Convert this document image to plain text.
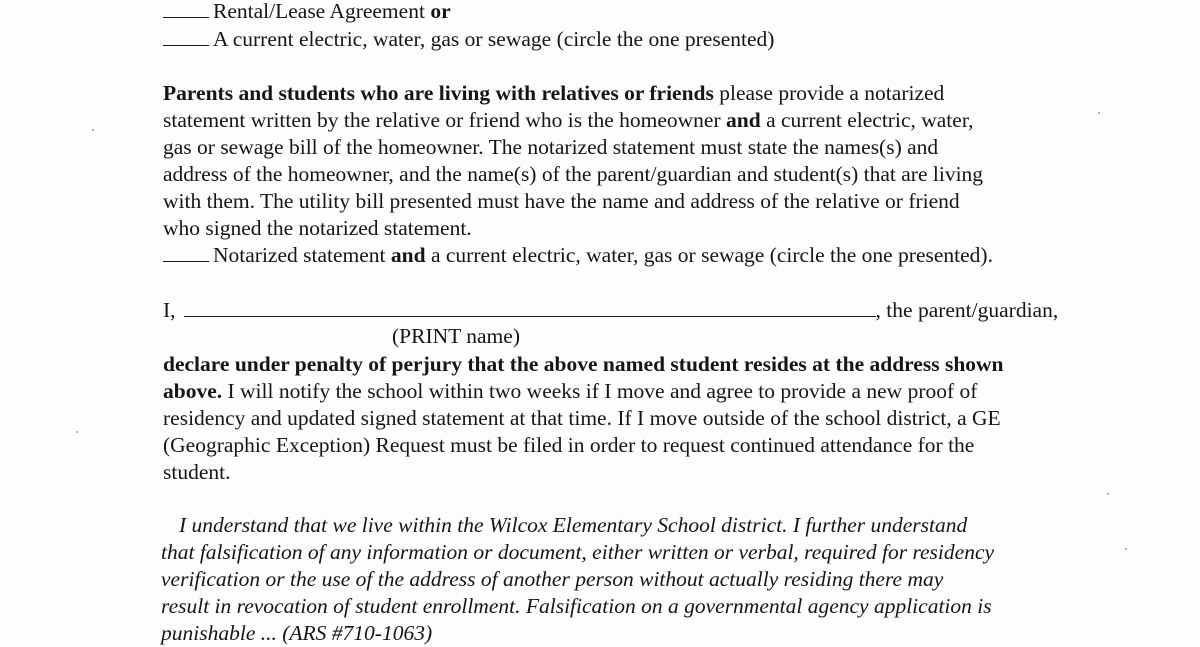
Rental/Lease Agreement or
A current electric, water, gas or sewage (circle the one presented)
Parents and students who are living with relatives or friends please provide a notarized
statement written by the relative or friend who is the homeowner and a current electric, water,
gas or sewage bill of the homeowner. The notarized statement must state the names(s) and
address of the homeowner, and the name(s) of the parent/guardian and student(s) that are living
with them. The utility bill presented must have the name and address of the relative or friend
who signed the notarized statement.
Notarized statement and a current electric, water, gas or sewage (circle the one presented).
I,	, the parent/guardian,
(PRINT name)
declare under penalty of perjury that the above named student resides at the address shown
above. I will notify the school within two weeks if I move and agree to provide a new proof of
residency and updated signed statement at that time. If I move outside of the school district, a GE
(Geographic Exception) Request must be filed in order to request continued attendance for the
student.
I understand that we live within the Wilcox Elementary School district. I further understand
that falsification of any information or document, either written or verbal, required for residency
verification or the use of the address of another person without actually residing there may
result in revocation of student enrollment. Falsification on a governmental agency application is
punishable ... (ARS #710-1063)
